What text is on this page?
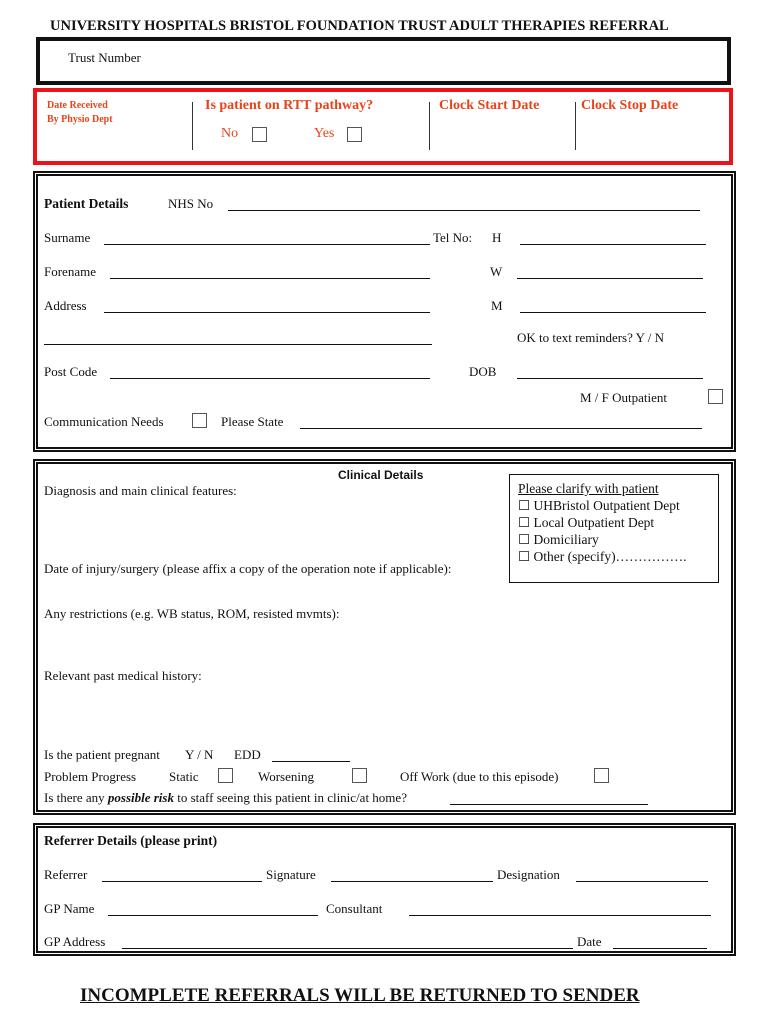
UNIVERSITY HOSPITALS BRISTOL FOUNDATION TRUST ADULT THERAPIES REFERRAL
Trust Number
Date Received
By Physio Dept
Is patient on RTT pathway?
No	Yes
Clock Start Date	Clock Stop Date
Patient Details	NHS No
Surname	Tel No: H
Forename	W
Address	M
OK to text reminders? Y / N
Post Code	DOB
M / F Outpatient
Communication Needs	Please State
Clinical Details
Diagnosis and main clinical features:	Please clarify with patient
☐ UHBristol Outpatient Dept
☐ Local Outpatient Dept
☐ Domiciliary
☐ Other (specify)…………….
Date of injury/surgery (please affix a copy of the operation note if applicable):
Any restrictions (e.g. WB status, ROM, resisted mvmts):
Relevant past medical history:
Is the patient pregnant Y / N EDD
Problem Progress	Static	Worsening	Off Work (due to this episode)
Is there any possible risk to staff seeing this patient in clinic/at home?
Referrer Details (please print)
Referrer	Signature	Designation
GP Name	Consultant
GP Address	Date
INCOMPLETE REFERRALS WILL BE RETURNED TO SENDER
